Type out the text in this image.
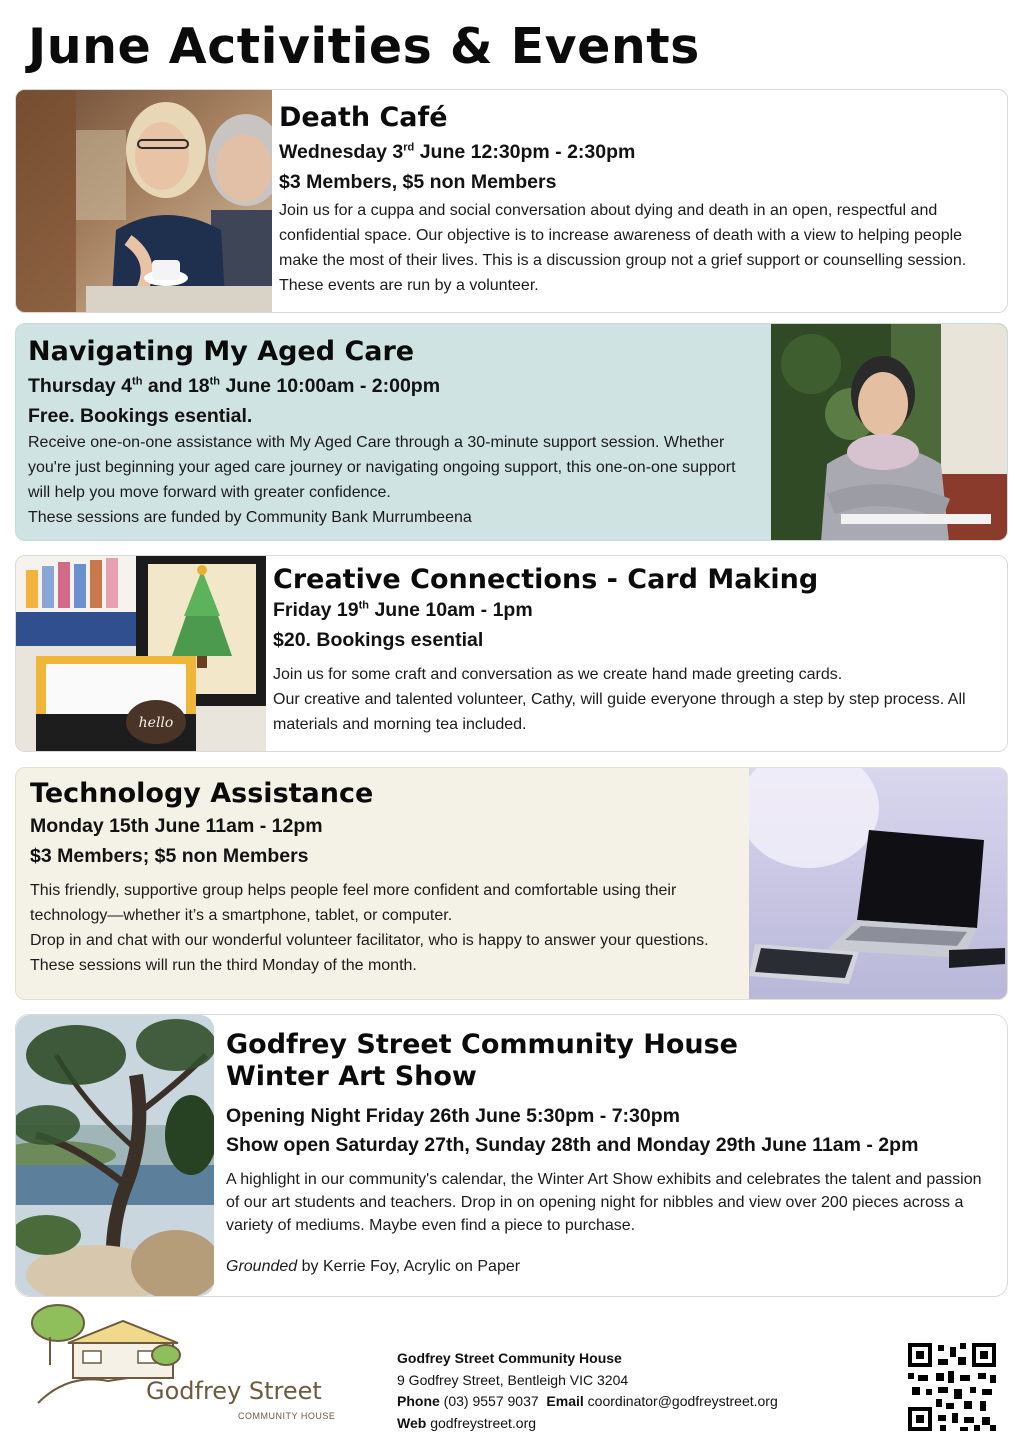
June Activities & Events
Death Café
Wednesday 3rd June 12:30pm - 2:30pm
$3 Members, $5 non Members

Join us for a cuppa and social conversation about dying and death in an open, respectful and confidential space. Our objective is to increase awareness of death with a view to helping people make the most of their lives. This is a discussion group not a grief support or counselling session. These events are run by a volunteer.

Navigating My Aged Care
Thursday 4th and 18th June 10:00am - 2:00pm
Free. Bookings esential.

Receive one-on-one assistance with My Aged Care through a 30-minute support session. Whether you're just beginning your aged care journey or navigating ongoing support, this one-on-one support will help you move forward with greater confidence.

These sessions are funded by Community Bank Murrumbeena

hello
Creative Connections - Card Making
Friday 19th June 10am - 1pm
$20. Bookings esential

Join us for some craft and conversation as we create hand made greeting cards.

Our creative and talented volunteer, Cathy, will guide everyone through a step by step process. All materials and morning tea included.

Technology Assistance
Monday 15th June 11am - 12pm
$3 Members; $5 non Members

This friendly, supportive group helps people feel more confident and comfortable using their technology—whether it’s a smartphone, tablet, or computer.

Drop in and chat with our wonderful volunteer facilitator, who is happy to answer your questions. These sessions will run the third Monday of the month.

Godfrey Street Community House
Winter Art Show
Opening Night Friday 26th June 5:30pm - 7:30pm
Show open Saturday 27th, Sunday 28th and Monday 29th June 11am - 2pm

A highlight in our community's calendar, the Winter Art Show exhibits and celebrates the talent and passion of our art students and teachers. Drop in on opening night for nibbles and view over 200 pieces across a variety of mediums. Maybe even find a piece to purchase.

Grounded by Kerrie Foy, Acrylic on Paper
Godfrey Street
COMMUNITY HOUSE
Godfrey Street Community House
9 Godfrey Street, Bentleigh VIC 3204
Phone (03) 9557 9037 Email coordinator@godfreystreet.org
Web godfreystreet.org
